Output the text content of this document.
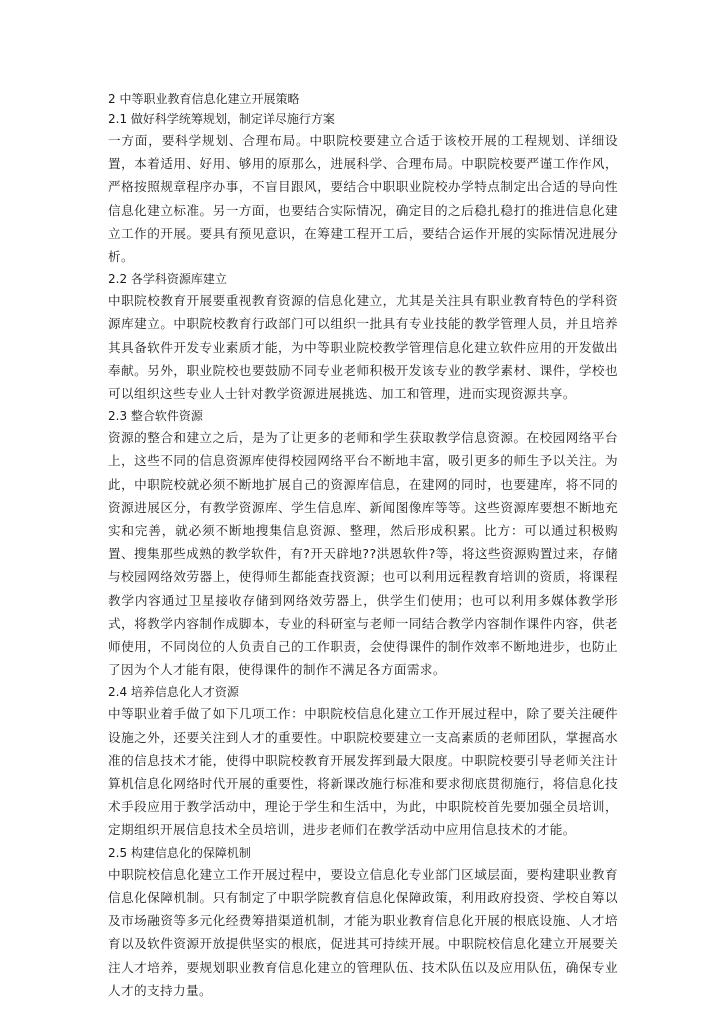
2 中等职业教育信息化建立开展策略
2.1 做好科学统筹规划，制定详尽施行方案

一方面，要科学规划、合理布局。中职院校要建立合适于该校开展的工程规划、详细设置，本着适用、好用、够用的原那么，进展科学、合理布局。中职院校要严谨工作作风，严格按照规章程序办事，不盲目跟风，要结合中职职业院校办学特点制定出合适的导向性信息化建立标准。另一方面，也要结合实际情况，确定目的之后稳扎稳打的推进信息化建立工作的开展。要具有预见意识，在筹建工程开工后，要结合运作开展的实际情况进展分析。

2.2 各学科资源库建立

中职院校教育开展要重视教育资源的信息化建立，尤其是关注具有职业教育特色的学科资源库建立。中职院校教育行政部门可以组织一批具有专业技能的教学管理人员，并且培养其具备软件开发专业素质才能，为中等职业院校教学管理信息化建立软件应用的开发做出奉献。另外，职业院校也要鼓励不同专业老师积极开发该专业的教学素材、课件，学校也可以组织这些专业人士针对教学资源进展挑选、加工和管理，进而实现资源共享。

2.3 整合软件资源

资源的整合和建立之后，是为了让更多的老师和学生获取教学信息资源。在校园网络平台上，这些不同的信息资源库使得校园网络平台不断地丰富，吸引更多的师生予以关注。为此，中职院校就必须不断地扩展自己的资源库信息，在建网的同时，也要建库，将不同的资源进展区分，有教学资源库、学生信息库、新闻图像库等等。这些资源库要想不断地充实和完善，就必须不断地搜集信息资源、整理，然后形成积累。比方：可以通过积极购置、搜集那些成熟的教学软件，有?开天辟地??洪恩软件?等，将这些资源购置过来，存储与校园网络效劳器上，使得师生都能查找资源；也可以利用远程教育培训的资质，将课程教学内容通过卫星接收存储到网络效劳器上，供学生们使用；也可以利用多媒体教学形式，将教学内容制作成脚本，专业的科研室与老师一同结合教学内容制作课件内容，供老师使用，不同岗位的人负责自己的工作职责，会使得课件的制作效率不断地进步，也防止了因为个人才能有限，使得课件的制作不满足各方面需求。

2.4 培养信息化人才资源

中等职业着手做了如下几项工作：中职院校信息化建立工作开展过程中，除了要关注硬件设施之外，还要关注到人才的重要性。中职院校要建立一支高素质的老师团队，掌握高水准的信息技术才能，使得中职院校教育开展发挥到最大限度。中职院校要引导老师关注计算机信息化网络时代开展的重要性，将新课改施行标准和要求彻底贯彻施行，将信息化技术手段应用于教学活动中，理论于学生和生活中，为此，中职院校首先要加强全员培训，定期组织开展信息技术全员培训，进步老师们在教学活动中应用信息技术的才能。

2.5 构建信息化的保障机制

中职院校信息化建立工作开展过程中，要设立信息化专业部门区域层面，要构建职业教育信息化保障机制。只有制定了中职学院教育信息化保障政策，利用政府投资、学校自筹以及市场融资等多元化经费筹措渠道机制，才能为职业教育信息化开展的根底设施、人才培育以及软件资源开放提供坚实的根底，促进其可持续开展。中职院校信息化建立开展要关注人才培养，要规划职业教育信息化建立的管理队伍、技术队伍以及应用队伍，确保专业人才的支持力量。
